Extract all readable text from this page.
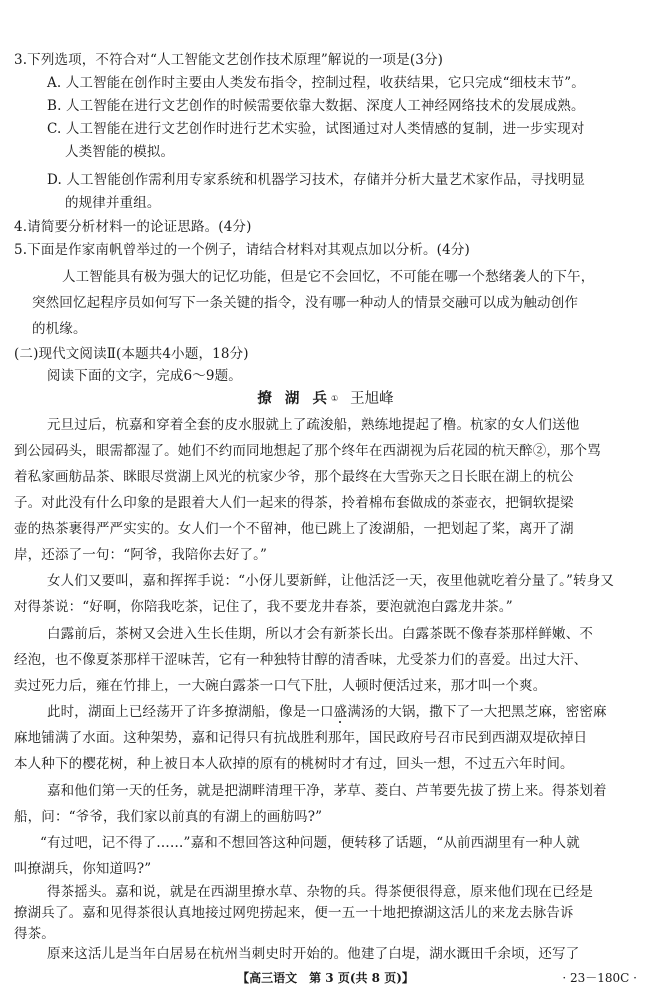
3.下列选项，不符合对“人工智能文艺创作技术原理”解说的一项是(3分)
A. 人工智能在创作时主要由人类发布指令，控制过程，收获结果，它只完成“细枝末节”。
B. 人工智能在进行文艺创作的时候需要依靠大数据、深度人工神经网络技术的发展成熟。
C. 人工智能在进行文艺创作时进行艺术实验，试图通过对人类情感的复制，进一步实现对
人类智能的模拟。
D. 人工智能创作需利用专家系统和机器学习技术，存储并分析大量艺术家作品，寻找明显
的规律并重组。
4.请简要分析材料一的论证思路。(4分)
5.下面是作家南帆曾举过的一个例子，请结合材料对其观点加以分析。(4分)
人工智能具有极为强大的记忆功能，但是它不会回忆，不可能在哪一个愁绪袭人的下午，
突然回忆起程序员如何写下一条关键的指令，没有哪一种动人的情景交融可以成为触动创作
的机缘。
(二)现代文阅读Ⅱ(本题共4小题，18分)
阅读下面的文字，完成6～9题。
撩 湖 兵① 王旭峰
元旦过后，杭嘉和穿着全套的皮水服就上了疏浚船，熟练地提起了橹。杭家的女人们送他
到公园码头，眼需都湿了。她们不约而同地想起了那个终年在西湖视为后花园的杭天醉②，那个骂
着私家画舫品茶、眯眼尽赏湖上风光的杭家少爷，那个最终在大雪弥天之日长眠在湖上的杭公
子。对此没有什么印象的是跟着大人们一起来的得茶，拎着棉布套做成的茶壶衣，把铜软提梁
壶的热茶裹得严严实实的。女人们一个不留神，他已跳上了浚湖船，一把划起了桨，离开了湖
岸，还添了一句：“阿爷，我陪你去好了。”
女人们又要叫，嘉和挥挥手说：“小伢儿要新鲜，让他活泛一天，夜里他就吃着分量了。”转身又
对得茶说：“好啊，你陪我吃茶，记住了，我不要龙井春茶，要泡就泡白露龙井茶。”
白露前后，茶树又会进入生长佳期，所以才会有新茶长出。白露茶既不像春茶那样鲜嫩、不
经泡，也不像夏茶那样干涩味苦，它有一种独特甘醇的清香味，尤受茶力们的喜爱。出过大汗、
卖过死力后，雍在竹排上，一大碗白露茶一口气下肚，人顿时便活过来，那才叫一个爽。
此时，湖面上已经荡开了许多撩湖船，像是一口盛满汤的大锅，撒下了一大把黑芝麻，密密麻
麻地铺满了水面。这种架势，嘉和记得只有抗战胜利那年，国民政府号召市民到西湖双堤砍掉日
本人种下的樱花树，种上被日本人砍掉的原有的桃树时才有过，回头一想，不过五六年时间。
嘉和他们第一天的任务，就是把湖畔清理干净，茅草、菱白、芦苇要先拔了捞上来。得茶划着
船，问：“爷爷，我们家以前真的有湖上的画舫吗?”
“有过吧，记不得了……”嘉和不想回答这种问题，便转移了话题，“从前西湖里有一种人就
叫撩湖兵，你知道吗?”
得茶摇头。嘉和说，就是在西湖里撩水草、杂物的兵。得茶便很得意，原来他们现在已经是
撩湖兵了。嘉和见得茶很认真地接过网兜捞起来，便一五一十地把撩湖这活儿的来龙去脉告诉
得茶。
【高三语文　第 3 页(共 8 页)】	· 23－180C ·
原来这活儿是当年白居易在杭州当刺史时开始的。他建了白堤，湖水溉田千余顷，还写了
